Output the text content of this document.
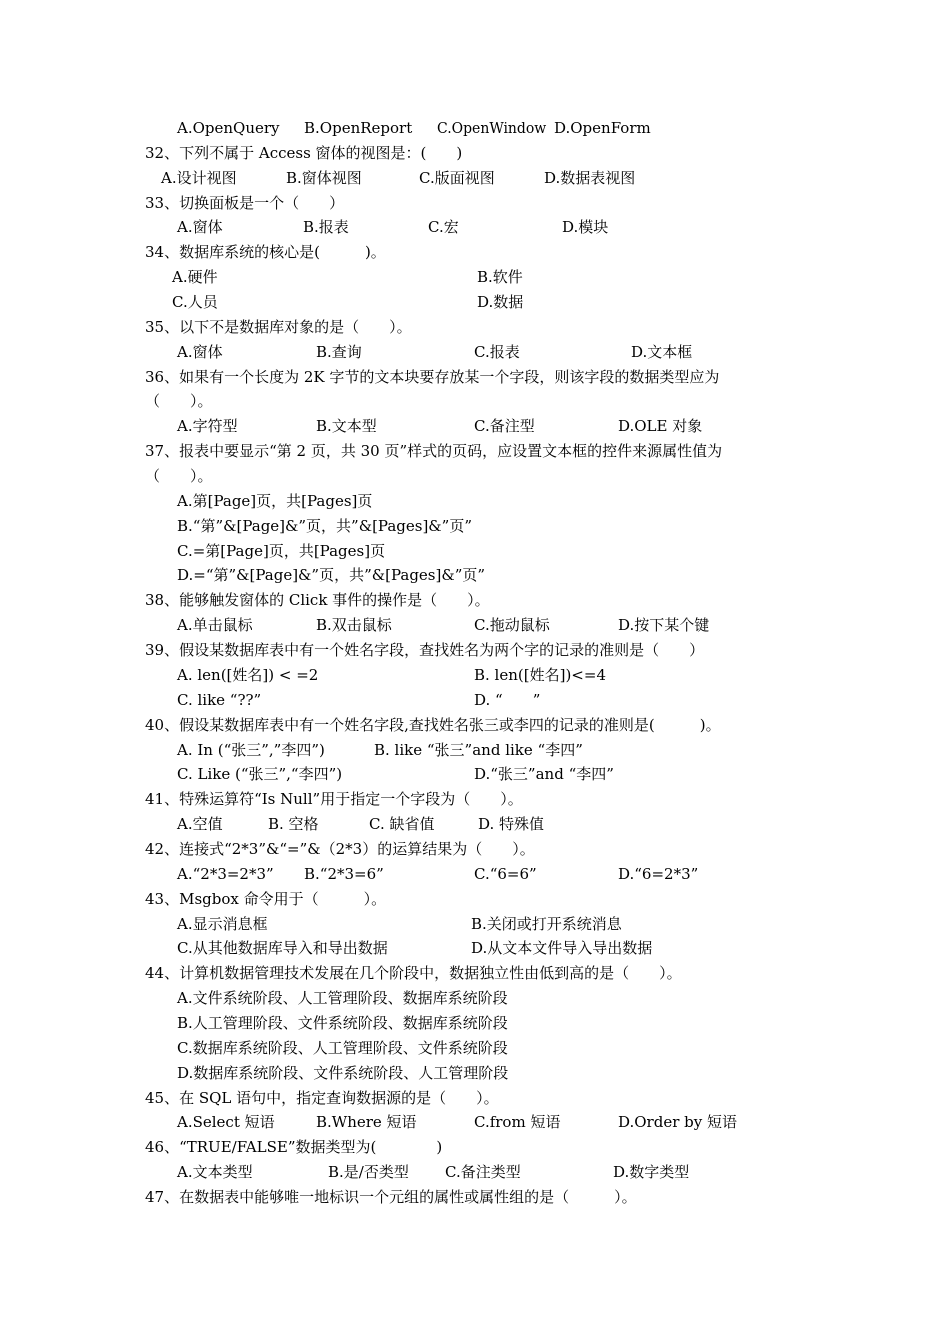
A.OpenQuery B.OpenReport C.OpenWindow D.OpenForm
32、下列不属于 Access 窗体的视图是：(　　)
A.设计视图	B.窗体视图	C.版面视图	D.数据表视图
33、切换面板是一个（　　）
A.窗体	B.报表	C.宏	D.模块
34、数据库系统的核心是(　　　)。
A.硬件	B.软件
C.人员	D.数据
35、以下不是数据库对象的是（　　）。
A.窗体	B.查询	C.报表	D.文本框
36、如果有一个长度为 2K 字节的文本块要存放某一个字段，则该字段的数据类型应为
（　　）。
A.字符型	B.文本型	C.备注型	D.OLE 对象
37、报表中要显示“第 2 页，共 30 页”样式的页码，应设置文本框的控件来源属性值为
（　　）。
A.第[Page]页，共[Pages]页
B.“第”&[Page]&”页，共”&[Pages]&”页”
C.=第[Page]页，共[Pages]页
D.=“第”&[Page]&”页，共”&[Pages]&”页”
38、能够触发窗体的 Click 事件的操作是（　　）。
A.单击鼠标	B.双击鼠标	C.拖动鼠标	D.按下某个键
39、假设某数据库表中有一个姓名字段，查找姓名为两个字的记录的准则是（　　）
A. len([姓名]) < =2	B. len([姓名])<=4
C. like “??”	D. “　　”
40、假设某数据库表中有一个姓名字段,查找姓名张三或李四的记录的准则是(　　　)。
A. In (“张三”,”李四”)	B. like “张三”and like “李四”
C. Like (“张三”,“李四”)	D.“张三”and “李四”
41、特殊运算符“Is Null”用于指定一个字段为（　　）。
A.空值	B. 空格	C. 缺省值	D. 特殊值
42、连接式“2*3”&“=”&（2*3）的运算结果为（　　）。
A.“2*3=2*3” B.“2*3=6”	C.“6=6”	D.“6=2*3”
43、Msgbox 命令用于（　　　）。
A.显示消息框	B.关闭或打开系统消息
C.从其他数据库导入和导出数据	D.从文本文件导入导出数据
44、计算机数据管理技术发展在几个阶段中，数据独立性由低到高的是（　　）。
A.文件系统阶段、人工管理阶段、数据库系统阶段
B.人工管理阶段、文件系统阶段、数据库系统阶段
C.数据库系统阶段、人工管理阶段、文件系统阶段
D.数据库系统阶段、文件系统阶段、人工管理阶段
45、在 SQL 语句中，指定查询数据源的是（　　）。
A.Select 短语	B.Where 短语	C.from 短语	D.Order by 短语
46、“TRUE/FALSE”数据类型为(　　　　)
A.文本类型	B.是/否类型 C.备注类型	D.数字类型
47、在数据表中能够唯一地标识一个元组的属性或属性组的是（　　　）。
